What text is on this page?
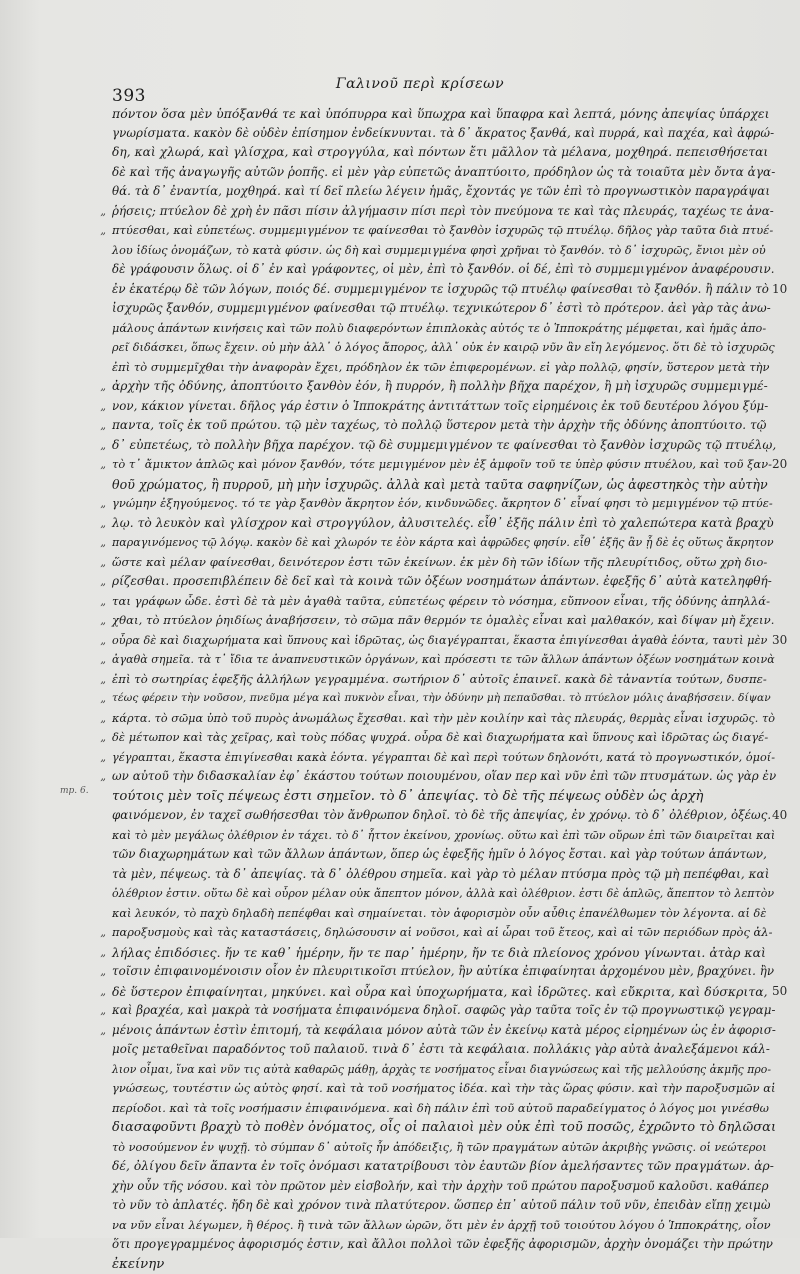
393
Γαλινοῦ περὶ κρίσεων
„
„
„
„
„
„
„
„
„
„
„
„
„
„
„
„
„
„
„
„
„
„
„
„
„
„
„
„
mp. 6.
πόντον ὅσα μὲν ὑπόξανθά τε καὶ ὑπόπυρρα καὶ ὕπωχρα καὶ ὕπαφρα καὶ λεπτά, μόνης ἀπεψίας ὑπάρχει
γνωρίσματα. κακὸν δὲ οὐδὲν ἐπίσημον ἐνδείκνυνται. τὰ δ᾽ ἄκρατος ξανθά, καὶ πυρρά, καὶ παχέα, καὶ ἀφρώ-
δη, καὶ χλωρά, καὶ γλίσχρα, καὶ στρογγύλα, καὶ πόντων ἔτι μᾶλλον τὰ μέλανα, μοχθηρά. πεπεισθήσεται
δὲ καὶ τῆς ἀναγωγῆς αὐτῶν ῥοπῆς. εἰ μὲν γὰρ εὐπετῶς ἀναπτύοιτο, πρόδηλον ὡς τὰ τοιαῦτα μὲν ὄντα ἀγα-
θά. τὰ δ᾽ ἐναντία, μοχθηρά. καὶ τί δεῖ πλείω λέγειν ἡμᾶς, ἔχοντάς γε τῶν ἐπὶ τὸ προγνωστικὸν παραγράψαι
ῥήσεις; πτύελον δὲ χρὴ ἐν πᾶσι πίσιν ἀλγήμασιν πίσι περὶ τὸν πνεύμονα τε καὶ τὰς πλευράς, ταχέως τε ἀνα-
πτύεσθαι, καὶ εὐπετέως. συμμεμιγμένον τε φαίνεσθαι τὸ ξανθὸν ἰσχυρῶς τῷ πτυέλῳ. δῆλος γὰρ ταῦτα διὰ πτυέ-
λου ἰδίως ὀνομάζων, τὸ κατὰ φύσιν. ὡς δὴ καὶ συμμεμιγμένα φησὶ χρῆναι τὸ ξανθόν. τὸ δ᾽ ἰσχυρῶς, ἔνιοι μὲν οὐ
δὲ γράφουσιν ὅλως. οἱ δ᾽ ἐν καὶ γράφοντες, οἱ μὲν, ἐπὶ τὸ ξανθόν. οἱ δέ, ἐπὶ τὸ συμμεμιγμένον ἀναφέρουσιν.
ἐν ἑκατέρῳ δὲ τῶν λόγων, ποιός δέ. συμμεμιγμένον τε ἰσχυρῶς τῷ πτυέλῳ φαίνεσθαι τὸ ξανθόν. ἢ πάλιν τὸ
ἰσχυρῶς ξανθόν, συμμεμιγμένον φαίνεσθαι τῷ πτυέλῳ. τεχνικώτερον δ᾽ ἐστὶ τὸ πρότερον. ἀεὶ γὰρ τὰς ἀνω-
μάλους ἁπάντων κινήσεις καὶ τῶν πολὺ διαφερόντων ἐπιπλοκὰς αὐτός τε ὁ Ἱπποκράτης μέμφεται, καὶ ἡμᾶς ἀπο-
ρεῖ διδάσκει, ὅπως ἔχειν. οὐ μὴν ἀλλ᾽ ὁ λόγος ἄπορος, ἀλλ᾽ οὐκ ἐν καιρῷ νῦν ἂν εἴη λεγόμενος. ὅτι δὲ τὸ ἰσχυρῶς
ἐπὶ τὸ συμμεμῖχθαι τὴν ἀναφορὰν ἔχει, πρόδηλον ἐκ τῶν ἐπιφερομένων. εἰ γὰρ πολλῷ, φησίν, ὕστερον μετὰ τὴν
ἀρχὴν τῆς ὀδύνης, ἀποπτύοιτο ξανθὸν ἐόν, ἢ πυρρόν, ἢ πολλὴν βῆχα παρέχον, ἢ μὴ ἰσχυρῶς συμμεμιγμέ-
νον, κάκιον γίνεται. δῆλος γάρ ἐστιν ὁ Ἱπποκράτης ἀντιτάττων τοῖς εἰρημένοις ἐκ τοῦ δευτέρου λόγου ξύμ-
παντα, τοῖς ἐκ τοῦ πρώτου. τῷ μὲν ταχέως, τὸ πολλῷ ὕστερον μετὰ τὴν ἀρχὴν τῆς ὀδύνης ἀποπτύοιτο. τῷ
δ᾽ εὐπετέως, τὸ πολλὴν βῆχα παρέχον. τῷ δὲ συμμεμιγμένον τε φαίνεσθαι τὸ ξανθὸν ἰσχυρῶς τῷ πτυέλῳ,
τὸ τ᾽ ἄμικτον ἁπλῶς καὶ μόνον ξανθόν, τότε μεμιγμένον μὲν ἐξ ἀμφοῖν τοῦ τε ὑπὲρ φύσιν πτυέλου, καὶ τοῦ ξαν-
θοῦ χρώματος, ἢ πυρροῦ, μὴ μὴν ἰσχυρῶς. ἀλλὰ καὶ μετὰ ταῦτα σαφηνίζων, ὡς ἀφεστηκὸς τὴν αὐτὴν
γνώμην ἐξηγούμενος. τό τε γὰρ ξανθὸν ἄκρητον ἐόν, κινδυνῶδες. ἄκρητον δ᾽ εἶναί φησι τὸ μεμιγμένον τῷ πτύε-
λῳ. τὸ λευκὸν καὶ γλίσχρον καὶ στρογγύλον, ἀλυσιτελές. εἶθ᾽ ἑξῆς πάλιν ἐπὶ τὸ χαλεπώτερα κατὰ βραχὺ
παραγινόμενος τῷ λόγῳ. κακὸν δὲ καὶ χλωρόν τε ἐὸν κάρτα καὶ ἀφρῶδες φησίν. εἶθ᾽ ἑξῆς ἂν ᾖ δὲ ἐς οὕτως ἄκρητον
ὥστε καὶ μέλαν φαίνεσθαι, δεινότερον ἐστι τῶν ἐκείνων. ἐκ μὲν δὴ τῶν ἰδίων τῆς πλευρίτιδος, οὕτω χρὴ διο-
ρίζεσθαι. προσεπιβλέπειν δὲ δεῖ καὶ τὰ κοινὰ τῶν ὀξέων νοσημάτων ἁπάντων. ἐφεξῆς δ᾽ αὐτὰ κατεληφθή-
ται γράφων ὧδε. ἐστὶ δὲ τὰ μὲν ἀγαθὰ ταῦτα, εὐπετέως φέρειν τὸ νόσημα, εὔπνοον εἶναι, τῆς ὀδύνης ἀπηλλά-
χθαι, τὸ πτύελον ῥηιδίως ἀναβήσσειν, τὸ σῶμα πᾶν θερμόν τε ὁμαλὲς εἶναι καὶ μαλθακόν, καὶ δίψαν μὴ ἔχειν.
οὖρα δὲ καὶ διαχωρήματα καὶ ὕπνους καὶ ἱδρῶτας, ὡς διαγέγραπται, ἕκαστα ἐπιγίνεσθαι ἀγαθὰ ἐόντα, ταυτὶ μὲν
ἀγαθὰ σημεῖα. τὰ τ᾽ ἴδια τε ἀναπνευστικῶν ὀργάνων, καὶ πρόσεστι τε τῶν ἄλλων ἁπάντων ὀξέων νοσημάτων κοινὰ
ἐπὶ τὸ σωτηρίας ἐφεξῆς ἀλλήλων γεγραμμένα. σωτήριον δ᾽ αὐτοῖς ἐπαινεῖ. κακὰ δὲ τἀναντία τούτων, δυσπε-
τέως φέρειν τὴν νοῦσον, πνεῦμα μέγα καὶ πυκνὸν εἶναι, τὴν ὀδύνην μὴ πεπαῦσθαι. τὸ πτύελον μόλις ἀναβήσσειν. δίψαν
κάρτα. τὸ σῶμα ὑπὸ τοῦ πυρὸς ἀνωμάλως ἔχεσθαι. καὶ τὴν μὲν κοιλίην καὶ τὰς πλευράς, θερμὰς εἶναι ἰσχυρῶς. τὸ
δὲ μέτωπον καὶ τὰς χεῖρας, καὶ τοὺς πόδας ψυχρά. οὖρα δὲ καὶ διαχωρήματα καὶ ὕπνους καὶ ἱδρῶτας ὡς διαγέ-
γέγραπται, ἕκαστα ἐπιγίνεσθαι κακὰ ἐόντα. γέγραπται δὲ καὶ περὶ τούτων δηλονότι, κατά τὸ προγνωστικόν, ὁμοί-
ων αὐτοῦ τὴν διδασκαλίαν ἐφ᾽ ἑκάστου τούτων ποιουμένου, οἵαν περ καὶ νῦν ἐπὶ τῶν πτυσμάτων. ὡς γὰρ ἐν
τούτοις μὲν τοῖς πέψεως ἐστι σημεῖον. τὸ δ᾽ ἀπεψίας. τὸ δὲ τῆς πέψεως οὐδὲν ὡς ἀρχὴ
φαινόμενον, ἐν ταχεῖ σωθήσεσθαι τὸν ἄνθρωπον δηλοῖ. τὸ δὲ τῆς ἀπεψίας, ἐν χρόνῳ. τὸ δ᾽ ὀλέθριον, ὀξέως.
καὶ τὸ μὲν μεγάλως ὀλέθριον ἐν τάχει. τὸ δ᾽ ἧττον ἐκείνου, χρονίως. οὕτω καὶ ἐπὶ τῶν οὔρων ἐπὶ τῶν διαιρεῖται καὶ
τῶν διαχωρημάτων καὶ τῶν ἄλλων ἁπάντων, ὅπερ ὡς ἐφεξῆς ἡμῖν ὁ λόγος ἔσται. καὶ γὰρ τούτων ἁπάντων,
τὰ μὲν, πέψεως. τὰ δ᾽ ἀπεψίας. τὰ δ᾽ ὀλέθρου σημεῖα. καὶ γὰρ τὸ μέλαν πτύσμα πρὸς τῷ μὴ πεπέφθαι, καὶ
ὀλέθριον ἐστιν. οὕτω δὲ καὶ οὖρον μέλαν οὐκ ἄπεπτον μόνον, ἀλλὰ καὶ ὀλέθριον. ἐστι δὲ ἁπλῶς, ἄπεπτον τὸ λεπτὸν
καὶ λευκόν, τὸ παχὺ δηλαδὴ πεπέφθαι καὶ σημαίνεται. τὸν ἀφορισμὸν οὖν αὖθις ἐπανέλθωμεν τὸν λέγοντα. αἱ δὲ
παροξυσμοὺς καὶ τὰς καταστάσεις, δηλώσουσιν αἱ νοῦσοι, καὶ αἱ ὧραι τοῦ ἔτεος, καὶ αἱ τῶν περιόδων πρὸς ἀλ-
λήλας ἐπιδόσιες. ἤν τε καθ᾽ ἡμέρην, ἤν τε παρ᾽ ἡμέρην, ἤν τε διὰ πλείονος χρόνου γίνωνται. ἀτὰρ καὶ
τοῖσιν ἐπιφαινομένοισιν οἷον ἐν πλευριτικοῖσι πτύελον, ἢν αὐτίκα ἐπιφαίνηται ἀρχομένου μὲν, βραχύνει. ἢν
δὲ ὕστερον ἐπιφαίνηται, μηκύνει. καὶ οὖρα καὶ ὑποχωρήματα, καὶ ἱδρῶτες. καὶ εὔκριτα, καὶ δύσκριτα,
καὶ βραχέα, καὶ μακρὰ τὰ νοσήματα ἐπιφαινόμενα δηλοῖ. σαφῶς γὰρ ταῦτα τοῖς ἐν τῷ προγνωστικῷ γεγραμ-
μένοις ἁπάντων ἐστὶν ἐπιτομή, τὰ κεφάλαια μόνον αὐτὰ τῶν ἐν ἐκείνῳ κατὰ μέρος εἰρημένων ὡς ἐν ἀφορισ-
μοῖς μεταθεῖναι παραδόντος τοῦ παλαιοῦ. τινὰ δ᾽ ἐστι τὰ κεφάλαια. πολλάκις γὰρ αὐτὰ ἀναλεξάμενοι κάλ-
λιον οἶμαι, ἵνα καὶ νῦν τις αὐτὰ καθαρῶς μάθῃ, ἀρχὰς τε νοσήματος εἶναι διαγνώσεως καὶ τῆς μελλούσης ἀκμῆς προ-
γνώσεως, τουτέστιν ὡς αὐτὸς φησί. καὶ τὰ τοῦ νοσήματος ἰδέα. καὶ τὴν τὰς ὥρας φύσιν. καὶ τὴν παροξυσμῶν αἱ
περίοδοι. καὶ τὰ τοῖς νοσήμασιν ἐπιφαινόμενα. καὶ δὴ πάλιν ἐπὶ τοῦ αὐτοῦ παραδείγματος ὁ λόγος μοι γινέσθω
διασαφοῦντι βραχὺ τὸ ποθὲν ὀνόματος, οἷς οἱ παλαιοὶ μὲν οὐκ ἐπὶ τοῦ ποσῶς, ἐχρῶντο τὸ δηλῶσαι
τὸ νοσούμενον ἐν ψυχῇ. τὸ σύμπαν δ᾽ αὐτοῖς ἦν ἀπόδειξις, ἢ τῶν πραγμάτων αὐτῶν ἀκριβὴς γνῶσις. οἱ νεώτεροι
δέ, ὀλίγου δεῖν ἅπαντα ἐν τοῖς ὀνόμασι κατατρίβουσι τὸν ἑαυτῶν βίον ἀμελήσαντες τῶν πραγμάτων. ἀρ-
χὴν οὖν τῆς νόσου. καὶ τὸν πρῶτον μὲν εἰσβολήν, καὶ τὴν ἀρχὴν τοῦ πρώτου παροξυσμοῦ καλοῦσι. καθάπερ
τὸ νῦν τὸ ἀπλατές. ἤδη δὲ καὶ χρόνον τινὰ πλατύτερον. ὥσπερ ἐπ᾽ αὐτοῦ πάλιν τοῦ νῦν, ἐπειδὰν εἴπῃ χειμὼ
να νῦν εἶναι λέγωμεν, ἢ θέρος. ἢ τινὰ τῶν ἄλλων ὡρῶν, ὅτι μὲν ἐν ἀρχῇ τοῦ τοιούτου λόγου ὁ Ἱπποκράτης, οἷον
ὅτι προγεγραμμένος ἀφορισμός ἐστιν, καὶ ἄλλοι πολλοὶ τῶν ἐφεξῆς ἀφορισμῶν, ἀρχὴν ὀνομάζει τὴν πρώτην
ἐκείνην
10
20
30
40
50
